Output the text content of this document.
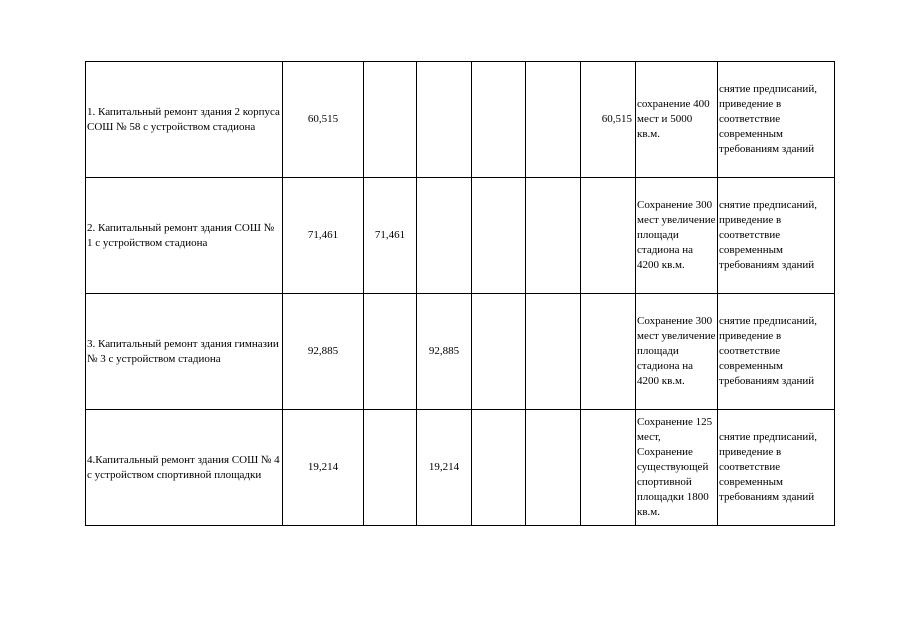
1. Капитальный ремонт здания 2 корпуса СОШ № 58 с устройством стадиона	60,515					60,515	сохранение 400 мест и 5000 кв.м.	снятие предписаний, приведение в соответствие современным требованиям зданий
2. Капитальный ремонт здания СОШ № 1 с устройством стадиона	71,461	71,461					Сохранение 300 мест увеличение площади стадиона на 4200 кв.м.	снятие предписаний, приведение в соответствие современным требованиям зданий
3. Капитальный ремонт здания гимназии № 3 с устройством стадиона	92,885		92,885				Сохранение 300 мест увеличение площади стадиона на 4200 кв.м.	снятие предписаний, приведение в соответствие современным требованиям зданий
4.Капитальный ремонт здания СОШ № 4 с устройством спортивной площадки	19,214		19,214				Сохранение 125 мест, Сохранение существующей спортивной площадки 1800 кв.м.	снятие предписаний, приведение в соответствие современным требованиям зданий
